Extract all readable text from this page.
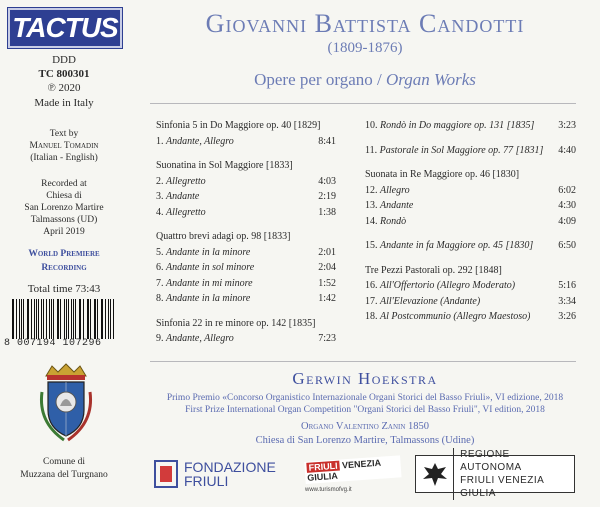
TACTUS
DDD
TC 800301
℗ 2020
Made in Italy
Text by
Manuel Tomadin
(Italian - English)
Recorded at
Chiesa di
San Lorenzo Martire
Talmassons (UD)
April 2019
World Premiere
Recording
Total time 73:43
8 007194 107296
Comune di
Muzzana del Turgnano
Giovanni Battista Candotti
(1809-1876)
Opere per organo / Organ Works
Sinfonia 5 in Do Maggiore op. 40 [1829]
1. Andante, Allegro	8:41
Suonatina in Sol Maggiore [1833]
2. Allegretto	4:03
3. Andante	2:19
4. Allegretto	1:38
Quattro brevi adagi op. 98 [1833]
5. Andante in la minore	2:01
6. Andante in sol minore	2:04
7. Andante in mi minore	1:52
8. Andante in la minore	1:42
Sinfonia 22 in re minore op. 142 [1835]
9. Andante, Allegro	7:23
10. Rondò in Do maggiore op. 131 [1835] 3:23
11. Pastorale in Sol Maggiore op. 77 [1831] 4:40
Suonata in Re Maggiore op. 46 [1830]
12. Allegro	6:02
13. Andante	4:30
14. Rondò	4:09
15. Andante in fa Maggiore op. 45 [1830] 6:50
Tre Pezzi Pastorali op. 292 [1848]
16. All'Offertorio (Allegro Moderato)	5:16
17. All'Elevazione (Andante)	3:34
18. Al Postcommunio (Allegro Maestoso)	3:26
Gerwin Hoekstra
Primo Premio «Concorso Organistico Internazionale Organi Storici del Basso Friuli», VI edizione, 2018
First Prize International Organ Competition "Organi Storici del Basso Friuli", VI edition, 2018
Organo Valentino Zanin 1850
Chiesa di San Lorenzo Martire, Talmassons (Udine)
FONDAZIONE
FRIULI
FRIULI VENEZIA GIULIA
www.turismofvg.it
REGIONE AUTONOMA
FRIULI VENEZIA GIULIA
